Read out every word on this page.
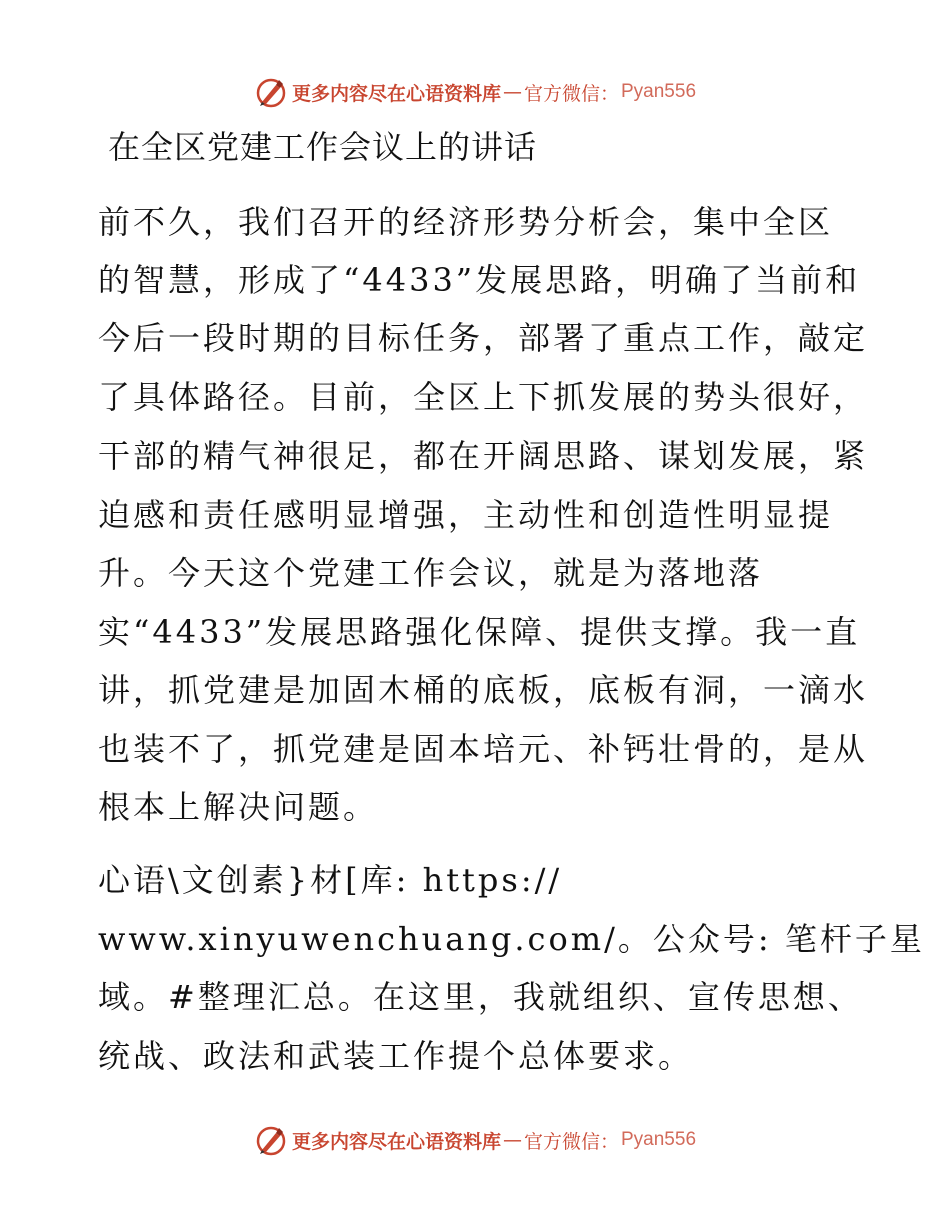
更多内容尽在心语资料库 — 官方微信： Pyan556
在全区党建工作会议上的讲话
前不久，我们召开的经济形势分析会，集中全区
的智慧，形成了“4433”发展思路，明确了当前和
今后一段时期的目标任务，部署了重点工作，敲定
了具体路径。目前，全区上下抓发展的势头很好，
干部的精气神很足，都在开阔思路、谋划发展，紧
迫感和责任感明显增强，主动性和创造性明显提
升。今天这个党建工作会议，就是为落地落
实“4433”发展思路强化保障、提供支撑。我一直
讲，抓党建是加固木桶的底板，底板有洞，一滴水
也装不了，抓党建是固本培元、补钙壮骨的，是从
根本上解决问题。
心语\文创素}材[库: https://
www.xinyuwenchuang.com/。公众号: 笔杆子星
域。#整理汇总。在这里，我就组织、宣传思想、
统战、政法和武装工作提个总体要求。
更多内容尽在心语资料库 — 官方微信： Pyan556
